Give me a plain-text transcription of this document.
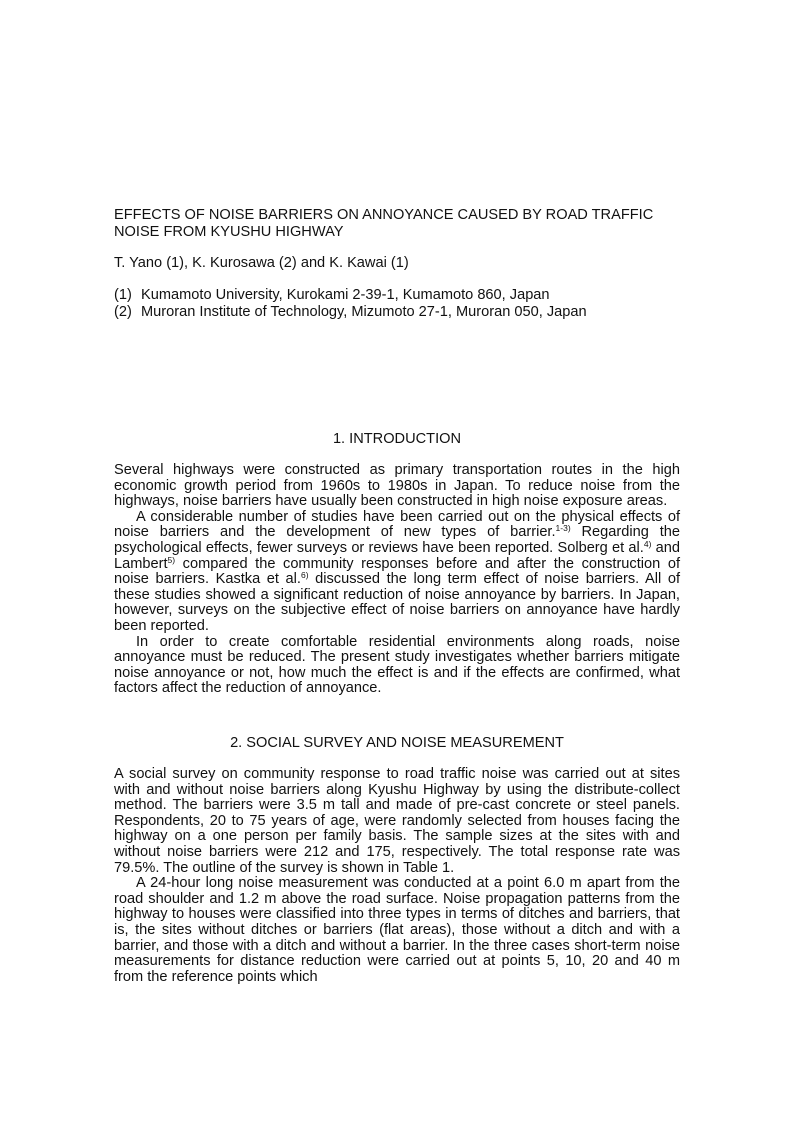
EFFECTS OF NOISE BARRIERS ON ANNOYANCE CAUSED BY ROAD TRAFFIC NOISE FROM KYUSHU HIGHWAY
T. Yano (1), K. Kurosawa (2) and K. Kawai (1)
(1) Kumamoto University, Kurokami 2-39-1, Kumamoto 860, Japan
(2) Muroran Institute of Technology, Mizumoto 27-1, Muroran 050, Japan
1. INTRODUCTION

Several highways were constructed as primary transportation routes in the high economic growth period from 1960s to 1980s in Japan. To reduce noise from the highways, noise barriers have usually been constructed in high noise exposure areas.

A considerable number of studies have been carried out on the physical effects of noise barriers and the development of new types of barrier.$^{1-3)}$ Regarding the psychological effects, fewer surveys or reviews have been reported. Solberg et al.$^{4)}$ and Lambert$^{5)}$ compared the community responses before and after the construction of noise barriers. Kastka et al.$^{6)}$ discussed the long term effect of noise barriers. All of these studies showed a significant reduction of noise annoyance by barriers. In Japan, however, surveys on the subjective effect of noise barriers on annoyance have hardly been reported.

In order to create comfortable residential environments along roads, noise annoyance must be reduced. The present study investigates whether barriers mitigate noise annoyance or not, how much the effect is and if the effects are confirmed, what factors affect the reduction of annoyance.

2. SOCIAL SURVEY AND NOISE MEASUREMENT

A social survey on community response to road traffic noise was carried out at sites with and without noise barriers along Kyushu Highway by using the distribute-collect method. The barriers were 3.5 m tall and made of pre-cast concrete or steel panels. Respondents, 20 to 75 years of age, were randomly selected from houses facing the highway on a one person per family basis. The sample sizes at the sites with and without noise barriers were 212 and 175, respectively. The total response rate was 79.5%. The outline of the survey is shown in Table 1.

A 24-hour long noise measurement was conducted at a point 6.0 m apart from the road shoulder and 1.2 m above the road surface. Noise propagation patterns from the highway to houses were classified into three types in terms of ditches and barriers, that is, the sites without ditches or barriers (flat areas), those without a ditch and with a barrier, and those with a ditch and without a barrier. In the three cases short-term noise measurements for distance reduction were carried out at points 5, 10, 20 and 40 m from the reference points which
